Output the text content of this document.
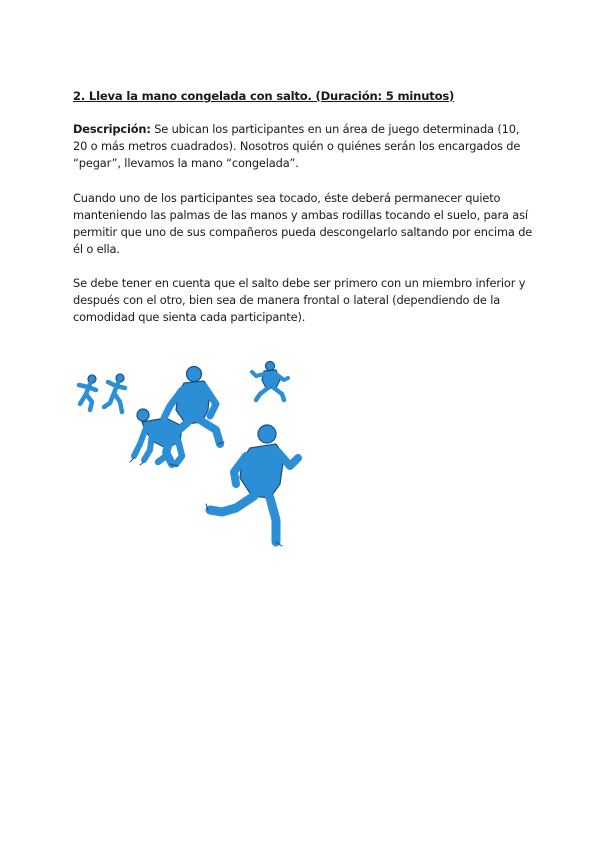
2. Lleva la mano congelada con salto. (Duración: 5 minutos)

Descripción: Se ubican los participantes en un área de juego determinada (10, 20 o más metros cuadrados). Nosotros quién o quiénes serán los encargados de “pegar”, llevamos la mano “congelada”.

Cuando uno de los participantes sea tocado, éste deberá permanecer quieto manteniendo las palmas de las manos y ambas rodillas tocando el suelo, para así permitir que uno de sus compañeros pueda descongelarlo saltando por encima de él o ella.

Se debe tener en cuenta que el salto debe ser primero con un miembro inferior y después con el otro, bien sea de manera frontal o lateral (dependiendo de la comodidad que sienta cada participante).
